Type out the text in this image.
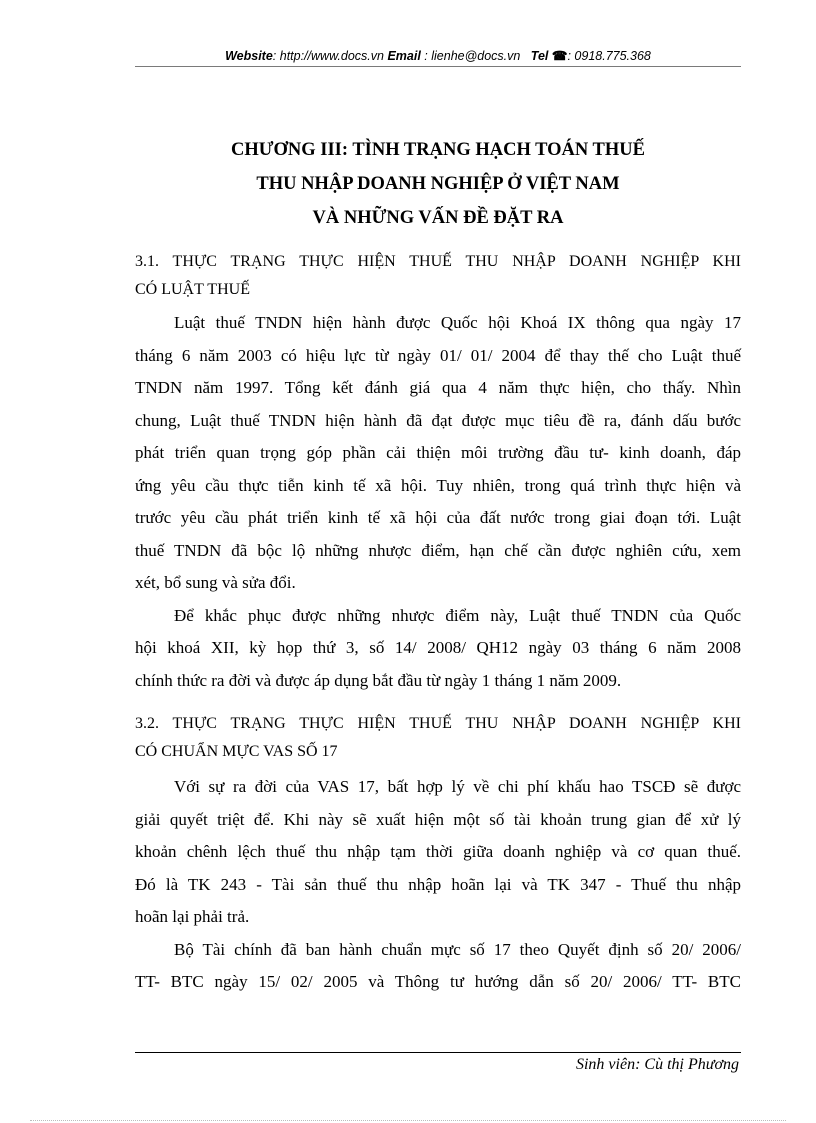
Website: http://www.docs.vn Email : lienhe@docs.vn Tel ☎: 0918.775.368
CHƯƠNG III: TÌNH TRẠNG HẠCH TOÁN THUẾ
THU NHẬP DOANH NGHIỆP Ở VIỆT NAM
VÀ NHỮNG VẤN ĐỀ ĐẶT RA
3.1. THỰC TRẠNG THỰC HIỆN THUẾ THU NHẬP DOANH NGHIỆP KHI
CÓ LUẬT THUẾ
Luật thuế TNDN hiện hành được Quốc hội Khoá IX thông qua ngày 17
tháng 6 năm 2003 có hiệu lực từ ngày 01/ 01/ 2004 để thay thế cho Luật thuế
TNDN năm 1997. Tổng kết đánh giá qua 4 năm thực hiện, cho thấy. Nhìn
chung, Luật thuế TNDN hiện hành đã đạt được mục tiêu đề ra, đánh dấu bước
phát triển quan trọng góp phần cải thiện môi trường đầu tư- kinh doanh, đáp
ứng yêu cầu thực tiễn kinh tế xã hội. Tuy nhiên, trong quá trình thực hiện và
trước yêu cầu phát triển kinh tế xã hội của đất nước trong giai đoạn tới. Luật
thuế TNDN đã bộc lộ những nhược điểm, hạn chế cần được nghiên cứu, xem
xét, bổ sung và sửa đổi.
Để khắc phục được những nhược điểm này, Luật thuế TNDN của Quốc
hội khoá XII, kỳ họp thứ 3, số 14/ 2008/ QH12 ngày 03 tháng 6 năm 2008
chính thức ra đời và được áp dụng bắt đầu từ ngày 1 tháng 1 năm 2009.
3.2. THỰC TRẠNG THỰC HIỆN THUẾ THU NHẬP DOANH NGHIỆP KHI
CÓ CHUẨN MỰC VAS SỐ 17
Với sự ra đời của VAS 17, bất hợp lý về chi phí khấu hao TSCĐ sẽ được
giải quyết triệt để. Khi này sẽ xuất hiện một số tài khoản trung gian để xử lý
khoản chênh lệch thuế thu nhập tạm thời giữa doanh nghiệp và cơ quan thuế.
Đó là TK 243 - Tài sản thuế thu nhập hoãn lại và TK 347 - Thuế thu nhập
hoãn lại phải trả.
Bộ Tài chính đã ban hành chuẩn mực số 17 theo Quyết định số 20/ 2006/
TT- BTC ngày 15/ 02/ 2005 và Thông tư hướng dẫn số 20/ 2006/ TT- BTC
Sinh viên: Cù thị Phương
